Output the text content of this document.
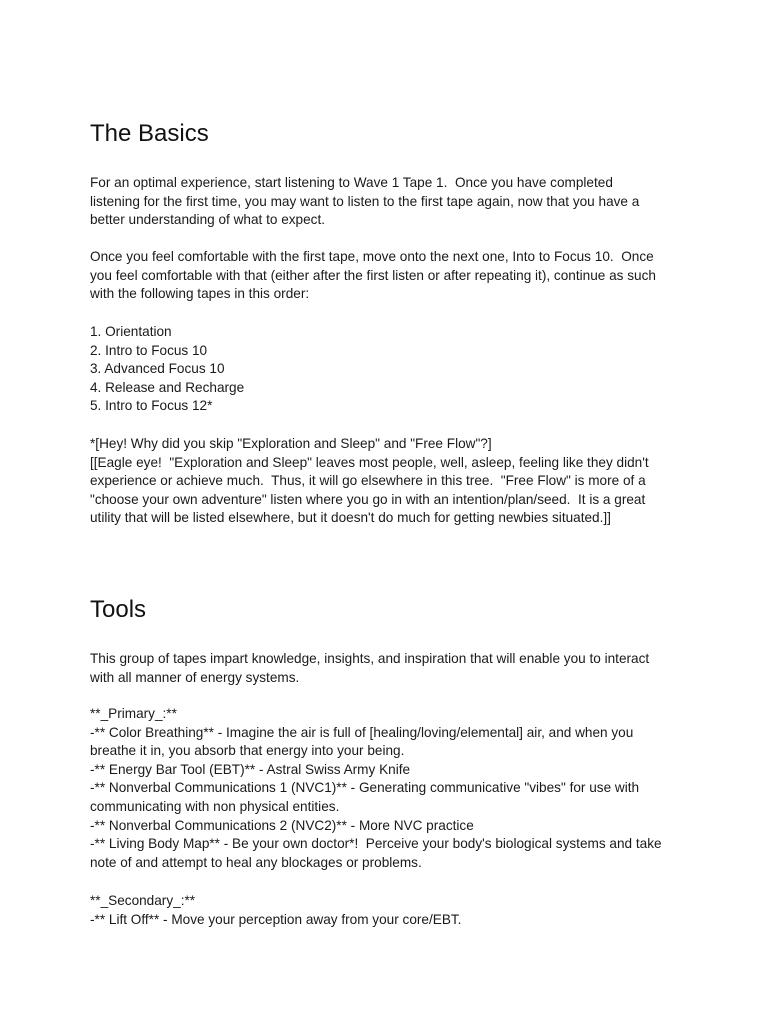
The Basics
For an optimal experience, start listening to Wave 1 Tape 1.  Once you have completed
listening for the first time, you may want to listen to the first tape again, now that you have a
better understanding of what to expect.
Once you feel comfortable with the first tape, move onto the next one, Into to Focus 10.  Once
you feel comfortable with that (either after the first listen or after repeating it), continue as such
with the following tapes in this order:
1. Orientation
2. Intro to Focus 10
3. Advanced Focus 10
4. Release and Recharge
5. Intro to Focus 12*
*[Hey! Why did you skip "Exploration and Sleep" and "Free Flow"?]
[[Eagle eye!  "Exploration and Sleep" leaves most people, well, asleep, feeling like they didn't
experience or achieve much.  Thus, it will go elsewhere in this tree.  "Free Flow" is more of a
"choose your own adventure" listen where you go in with an intention/plan/seed.  It is a great
utility that will be listed elsewhere, but it doesn't do much for getting newbies situated.]]
Tools
This group of tapes impart knowledge, insights, and inspiration that will enable you to interact
with all manner of energy systems.
**_Primary_:**
-** Color Breathing** - Imagine the air is full of [healing/loving/elemental] air, and when you
breathe it in, you absorb that energy into your being.
-** Energy Bar Tool (EBT)** - Astral Swiss Army Knife
-** Nonverbal Communications 1 (NVC1)** - Generating communicative "vibes" for use with
communicating with non physical entities.
-** Nonverbal Communications 2 (NVC2)** - More NVC practice
-** Living Body Map** - Be your own doctor*!  Perceive your body's biological systems and take
note of and attempt to heal any blockages or problems.
**_Secondary_:**
-** Lift Off** - Move your perception away from your core/EBT.
